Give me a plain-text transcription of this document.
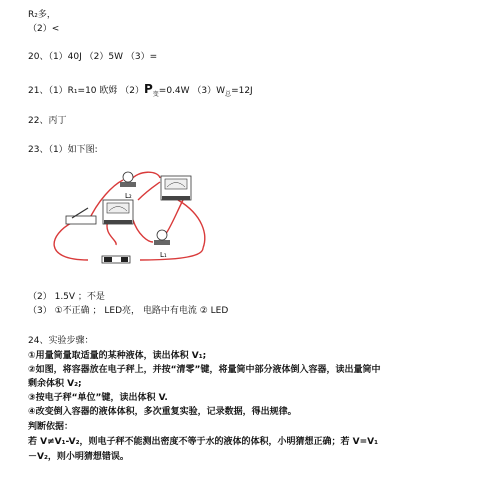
R₂多，
（2）<
20、（1）40J （2）5W （3）=
21、（1）R₁=10 欧姆 $(2)P_变=0.4W$ $(3)W_总=12J$
22、丙丁
23、（1）如下图:
L₂
L₁
（2） 1.5V ；不是
（3） ①不正确 ； LED亮， 电路中有电流 ② LED
24、实验步骤：
①用量筒量取适量的某种液体，读出体积 V₁;
②如图，将容器放在电子秤上，并按“清零”键，将量筒中部分液体倒入容器，读出量筒中
剩余体积 V₂;
③按电子秤“单位”键，读出体积 V.
④改变倒入容器的液体体积，多次重复实验，记录数据，得出规律。
判断依据：
若 V≠V₁-V₂，则电子秤不能测出密度不等于水的液体的体积，小明猜想正确；若 V=V₁
－V₂，则小明猜想错误。
